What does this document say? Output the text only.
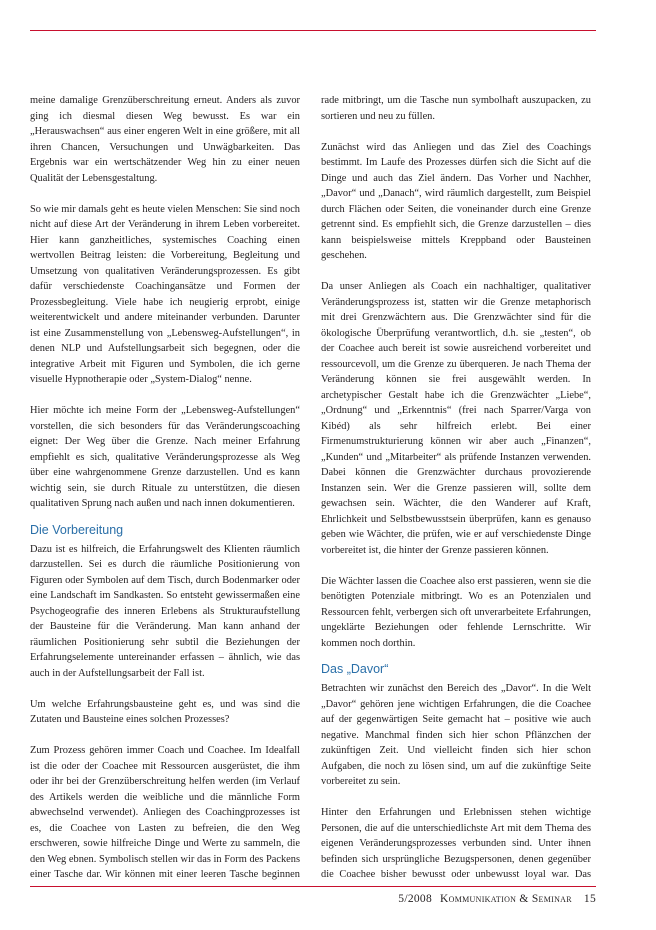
meine damalige Grenzüberschreitung erneut. Anders als zuvor ging ich diesmal diesen Weg bewusst. Es war ein „Herauswachsen“ aus einer engeren Welt in eine größere, mit all ihren Chancen, Versuchungen und Unwägbarkeiten. Das Ergebnis war ein wertschätzender Weg hin zu einer neuen Qualität der Lebensgestaltung.

So wie mir damals geht es heute vielen Menschen: Sie sind noch nicht auf diese Art der Veränderung in ihrem Leben vorbereitet. Hier kann ganzheitliches, systemisches Coaching einen wertvollen Beitrag leisten: die Vorbereitung, Begleitung und Umsetzung von qualitativen Veränderungsprozessen. Es gibt dafür verschiedenste Coachingansätze und Formen der Prozessbegleitung. Viele habe ich neugierig erprobt, einige weiterentwickelt und andere miteinander verbunden. Darunter ist eine Zusammenstellung von „Lebensweg-Aufstellungen“, in denen NLP und Aufstellungsarbeit sich begegnen, oder die integrative Arbeit mit Figuren und Symbolen, die ich gerne visuelle Hypnotherapie oder „System-Dialog“ nenne.

Hier möchte ich meine Form der „Lebensweg-Aufstellungen“ vorstellen, die sich besonders für das Veränderungscoaching eignet: Der Weg über die Grenze. Nach meiner Erfahrung empfiehlt es sich, qualitative Veränderungsprozesse als Weg über eine wahrgenommene Grenze darzustellen. Und es kann wichtig sein, sie durch Rituale zu unterstützen, die diesen qualitativen Sprung nach außen und nach innen dokumentieren.

Die Vorbereitung

Dazu ist es hilfreich, die Erfahrungswelt des Klienten räumlich darzustellen. Sei es durch die räumliche Positionierung von Figuren oder Symbolen auf dem Tisch, durch Bodenmarker oder eine Landschaft im Sandkasten. So entsteht gewissermaßen eine Psychogeografie des inneren Erlebens als Strukturaufstellung der Bausteine für die Veränderung. Man kann anhand der räumlichen Positionierung sehr subtil die Beziehungen der Erfahrungselemente untereinander erfassen – ähnlich, wie das auch in der Aufstellungsarbeit der Fall ist.

Um welche Erfahrungsbausteine geht es, und was sind die Zutaten und Bausteine eines solchen Prozesses?

Zum Prozess gehören immer Coach und Coachee. Im Idealfall ist die oder der Coachee mit Ressourcen ausgerüstet, die ihm oder ihr bei der Grenzüberschreitung helfen werden (im Verlauf des Artikels werden die weibliche und die männliche Form abwechselnd verwendet). Anliegen des Coachingprozesses ist es, die Coachee von Lasten zu befreien, die den Weg erschweren, sowie hilfreiche Dinge und Werte zu sammeln, die den Weg ebnen. Symbolisch stellen wir das in Form des Packens einer Tasche dar. Wir können mit einer leeren Tasche beginnen

rade mitbringt, um die Tasche nun symbolhaft auszupacken, zu sortieren und neu zu füllen.

Zunächst wird das Anliegen und das Ziel des Coachings bestimmt. Im Laufe des Prozesses dürfen sich die Sicht auf die Dinge und auch das Ziel ändern. Das Vorher und Nachher, „Davor“ und „Danach“, wird räumlich dargestellt, zum Beispiel durch Flächen oder Seiten, die voneinander durch eine Grenze getrennt sind. Es empfiehlt sich, die Grenze darzustellen – dies kann beispielsweise mittels Kreppband oder Bausteinen geschehen.

Da unser Anliegen als Coach ein nachhaltiger, qualitativer Veränderungsprozess ist, statten wir die Grenze metaphorisch mit drei Grenzwächtern aus. Die Grenzwächter sind für die ökologische Überprüfung verantwortlich, d.h. sie „testen“, ob der Coachee auch bereit ist sowie ausreichend vorbereitet und ressourcevoll, um die Grenze zu überqueren. Je nach Thema der Veränderung können sie frei ausgewählt werden. In archetypischer Gestalt habe ich die Grenzwächter „Liebe“, „Ordnung“ und „Erkenntnis“ (frei nach Sparrer/Varga von Kibéd) als sehr hilfreich erlebt. Bei einer Firmenumstrukturierung können wir aber auch „Finanzen“, „Kunden“ und „Mitarbeiter“ als prüfende Instanzen verwenden. Dabei können die Grenzwächter durchaus provozierende Instanzen sein. Wer die Grenze passieren will, sollte dem gewachsen sein. Wächter, die den Wanderer auf Kraft, Ehrlichkeit und Selbstbewusstsein überprüfen, kann es genauso geben wie Wächter, die prüfen, wie er auf verschiedenste Dinge vorbereitet ist, die hinter der Grenze passieren können.

Die Wächter lassen die Coachee also erst passieren, wenn sie die benötigten Potenziale mitbringt. Wo es an Potenzialen und Ressourcen fehlt, verbergen sich oft unverarbeitete Erfahrungen, ungeklärte Beziehungen oder fehlende Lernschritte. Wir kommen noch dorthin.

Das „Davor“

Betrachten wir zunächst den Bereich des „Davor“. In die Welt „Davor“ gehören jene wichtigen Erfahrungen, die die Coachee auf der gegenwärtigen Seite gemacht hat – positive wie auch negative. Manchmal finden sich hier schon Pflänzchen der zukünftigen Zeit. Und vielleicht finden sich hier schon Aufgaben, die noch zu lösen sind, um auf die zukünftige Seite vorbereitet zu sein.

Hinter den Erfahrungen und Erlebnissen stehen wichtige Personen, die auf die unterschiedlichste Art mit dem Thema des eigenen Veränderungsprozesses verbunden sind. Unter ihnen befinden sich ursprüngliche Bezugspersonen, denen gegenüber die Coachee bisher bewusst oder unbewusst loyal war. Das

5/2008 Kommunikation & Seminar 15
